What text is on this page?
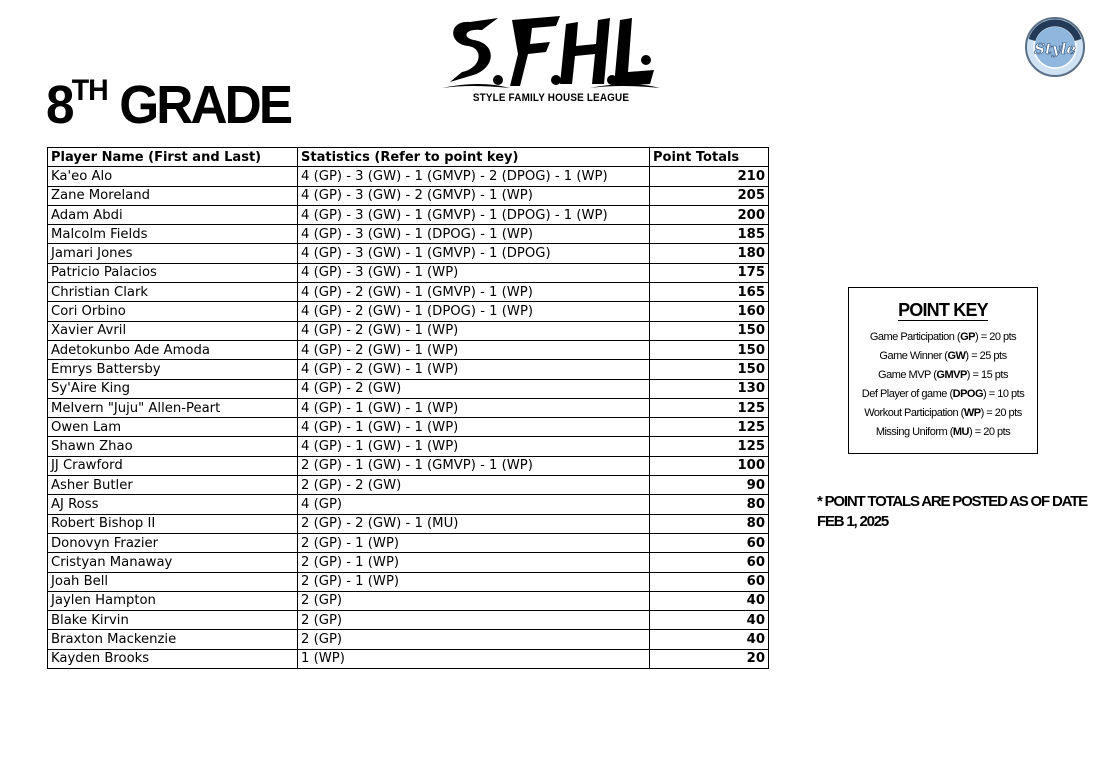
8TH GRADE	STYLE FAMILY HOUSE LEAGUE
Style
Player Name (First and Last)	Statistics (Refer to point key)	Point Totals
Ka'eo Alo	4 (GP) - 3 (GW) - 1 (GMVP) - 2 (DPOG) - 1 (WP)	210
Zane Moreland	4 (GP) - 3 (GW) - 2 (GMVP) - 1 (WP)	205
Adam Abdi	4 (GP) - 3 (GW) - 1 (GMVP) - 1 (DPOG) - 1 (WP)	200
Malcolm Fields	4 (GP) - 3 (GW) - 1 (DPOG) - 1 (WP)	185
Jamari Jones	4 (GP) - 3 (GW) - 1 (GMVP) - 1 (DPOG)	180
Patricio Palacios	4 (GP) - 3 (GW) - 1 (WP)	175
Christian Clark	4 (GP) - 2 (GW) - 1 (GMVP) - 1 (WP)	165
Cori Orbino	4 (GP) - 2 (GW) - 1 (DPOG) - 1 (WP)	160
Xavier Avril	4 (GP) - 2 (GW) - 1 (WP)	150
Adetokunbo Ade Amoda	4 (GP) - 2 (GW) - 1 (WP)	150
Emrys Battersby	4 (GP) - 2 (GW) - 1 (WP)	150
Sy'Aire King	4 (GP) - 2 (GW)	130
Melvern "Juju" Allen-Peart	4 (GP) - 1 (GW) - 1 (WP)	125
Owen Lam	4 (GP) - 1 (GW) - 1 (WP)	125
Shawn Zhao	4 (GP) - 1 (GW) - 1 (WP)	125
JJ Crawford	2 (GP) - 1 (GW) - 1 (GMVP) - 1 (WP)	100
Asher Butler	2 (GP) - 2 (GW)	90
AJ Ross	4 (GP)	80
Robert Bishop II	2 (GP) - 2 (GW) - 1 (MU)	80
Donovyn Frazier	2 (GP) - 1 (WP)	60
Cristyan Manaway	2 (GP) - 1 (WP)	60
Joah Bell	2 (GP) - 1 (WP)	60
Jaylen Hampton	2 (GP)	40
Blake Kirvin	2 (GP)	40
Braxton Mackenzie	2 (GP)	40
Kayden Brooks	1 (WP)	20
POINT KEY
Game Participation (GP) = 20 pts
Game Winner (GW) = 25 pts
Game MVP (GMVP) = 15 pts
Def Player of game (DPOG) = 10 pts
Workout Participation (WP) = 20 pts
Missing Uniform (MU) = 20 pts
* POINT TOTALS ARE POSTED AS OF DATE FEB 1, 2025
